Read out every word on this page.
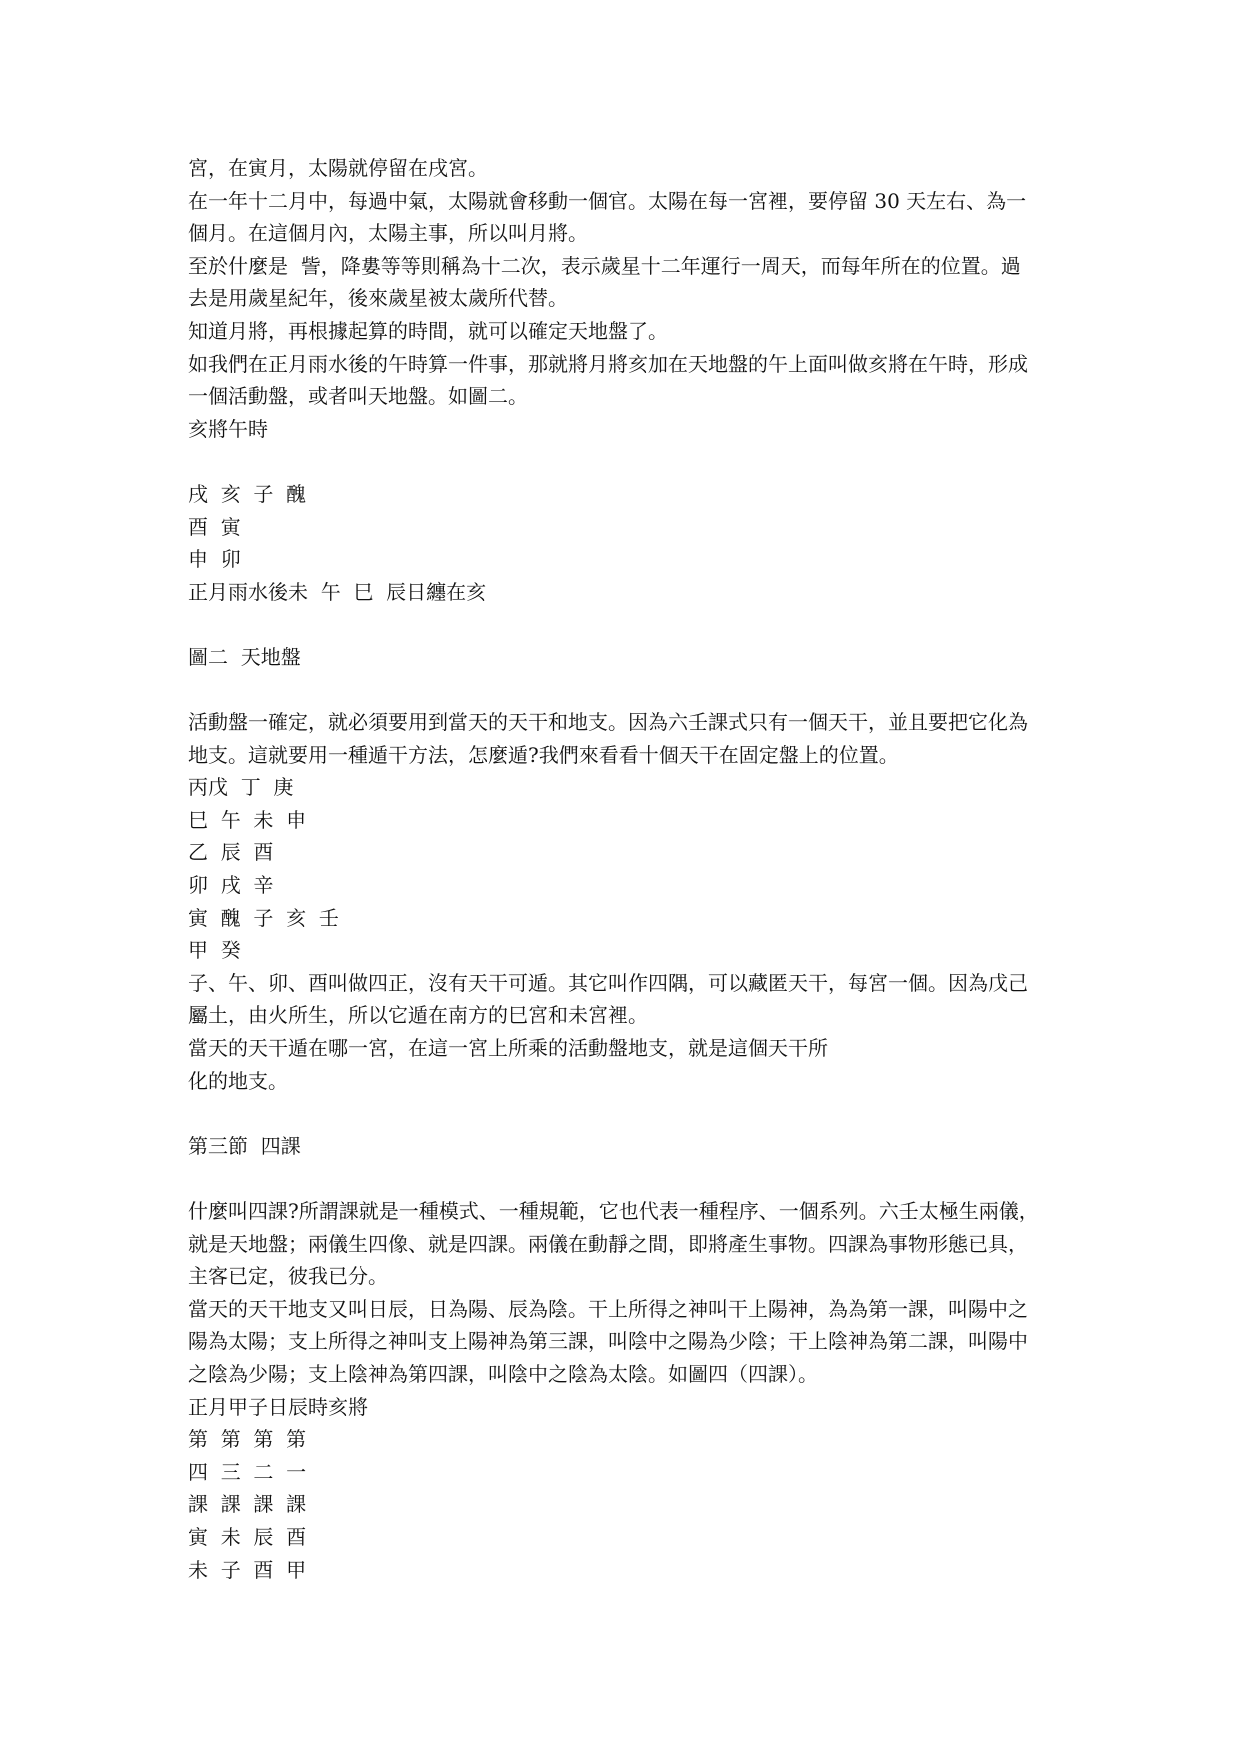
宮，在寅月，太陽就停留在戌宮。
在一年十二月中，每過中氣，太陽就會移動一個官。太陽在每一宮裡，要停留 30 天左右、為一
個月。在這個月內，太陽主事，所以叫月將。
至於什麼是  訾，降婁等等則稱為十二次，表示歲星十二年運行一周天，而每年所在的位置。過
去是用歲星紀年，後來歲星被太歲所代替。
知道月將，再根據起算的時間，就可以確定天地盤了。
如我們在正月雨水後的午時算一件事，那就將月將亥加在天地盤的午上面叫做亥將在午時，形成
一個活動盤，或者叫天地盤。如圖二。
亥將午時
戌  亥  子  醜
酉  寅
申  卯
正月雨水後未  午  巳  辰日纏在亥
圖二  天地盤
活動盤一確定，就必須要用到當天的天干和地支。因為六壬課式只有一個天干，並且要把它化為
地支。這就要用一種遁干方法，怎麼遁?我們來看看十個天干在固定盤上的位置。
丙戊  丁  庚
巳  午  未  申
乙  辰  酉
卯  戌  辛
寅  醜  子  亥  壬
甲  癸
子、午、卯、酉叫做四正，沒有天干可遁。其它叫作四隅，可以藏匿天干，每宮一個。因為戊己
屬土，由火所生，所以它遁在南方的巳宮和未宮裡。
當天的天干遁在哪一宮，在這一宮上所乘的活動盤地支，就是這個天干所
化的地支。
第三節  四課
什麼叫四課?所謂課就是一種模式、一種規範，它也代表一種程序、一個系列。六壬太極生兩儀，
就是天地盤；兩儀生四像、就是四課。兩儀在動靜之間，即將產生事物。四課為事物形態已具，
主客已定，彼我已分。
當天的天干地支又叫日辰，日為陽、辰為陰。干上所得之神叫干上陽神，為為第一課，叫陽中之
陽為太陽；支上所得之神叫支上陽神為第三課，叫陰中之陽為少陰；干上陰神為第二課，叫陽中
之陰為少陽；支上陰神為第四課，叫陰中之陰為太陰。如圖四（四課）。
正月甲子日辰時亥將
第  第  第  第
四  三  二  一
課  課  課  課
寅  未  辰  酉
未  子  酉  甲
